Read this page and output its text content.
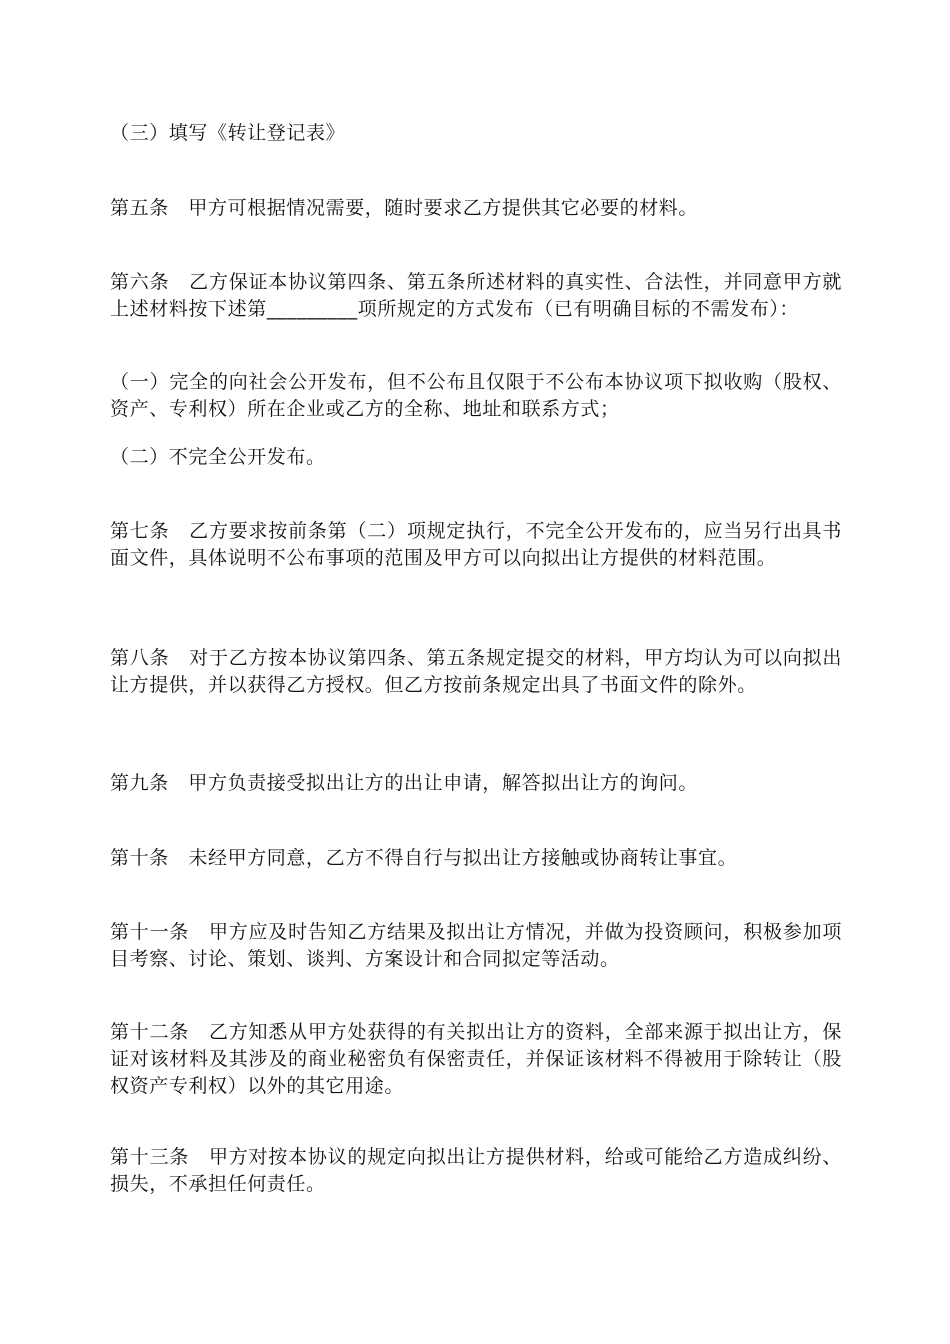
（三）填写《转让登记表》

第五条　甲方可根据情况需要，随时要求乙方提供其它必要的材料。

第六条　乙方保证本协议第四条、第五条所述材料的真实性、合法性，并同意甲方就上述材料按下述第_________项所规定的方式发布（已有明确目标的不需发布）：

（一）完全的向社会公开发布，但不公布且仅限于不公布本协议项下拟收购（股权、资产、专利权）所在企业或乙方的全称、地址和联系方式；

（二）不完全公开发布。

第七条　乙方要求按前条第（二）项规定执行，不完全公开发布的，应当另行出具书面文件，具体说明不公布事项的范围及甲方可以向拟出让方提供的材料范围。

第八条　对于乙方按本协议第四条、第五条规定提交的材料，甲方均认为可以向拟出让方提供，并以获得乙方授权。但乙方按前条规定出具了书面文件的除外。

第九条　甲方负责接受拟出让方的出让申请，解答拟出让方的询问。

第十条　未经甲方同意，乙方不得自行与拟出让方接触或协商转让事宜。

第十一条　甲方应及时告知乙方结果及拟出让方情况，并做为投资顾问，积极参加项目考察、讨论、策划、谈判、方案设计和合同拟定等活动。

第十二条　乙方知悉从甲方处获得的有关拟出让方的资料，全部来源于拟出让方，保证对该材料及其涉及的商业秘密负有保密责任，并保证该材料不得被用于除转让（股权资产专利权）以外的其它用途。

第十三条　甲方对按本协议的规定向拟出让方提供材料，给或可能给乙方造成纠纷、损失，不承担任何责任。
